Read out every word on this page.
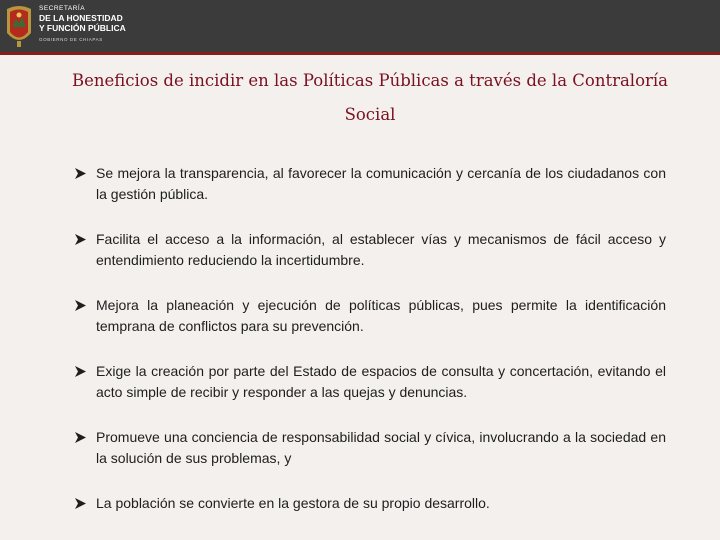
SECRETARÍA
DE LA HONESTIDAD
Y FUNCIÓN PÚBLICA
GOBIERNO DE CHIAPAS
Beneficios de incidir en las Políticas Públicas a través de la Contraloría
Social
Se mejora la transparencia, al favorecer la comunicación y cercanía de los ciudadanos con la gestión pública.
Facilita el acceso a la información, al establecer vías y mecanismos de fácil acceso y entendimiento reduciendo la incertidumbre.
Mejora la planeación y ejecución de políticas públicas, pues permite la identificación temprana de conflictos para su prevención.
Exige la creación por parte del Estado de espacios de consulta y concertación, evitando el acto simple de recibir y responder a las quejas y denuncias.
Promueve una conciencia de responsabilidad social y cívica, involucrando a la sociedad en la solución de sus problemas, y
La población se convierte en la gestora de su propio desarrollo.
